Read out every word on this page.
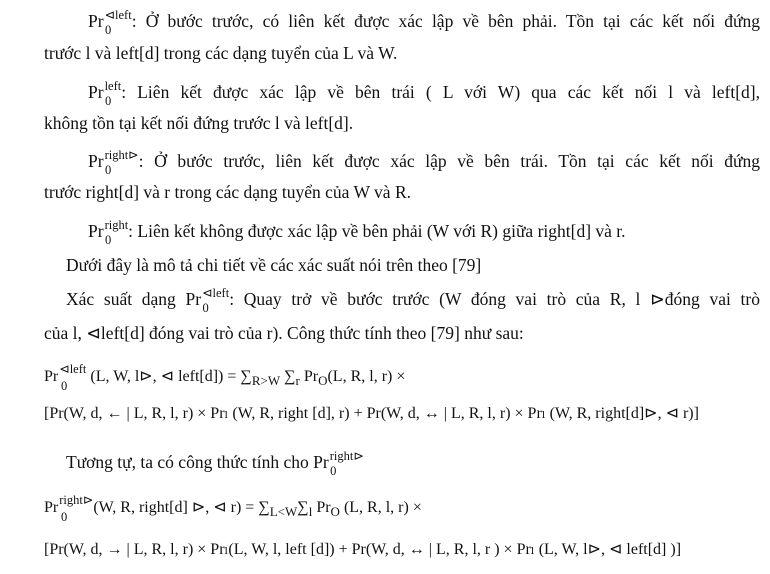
$Pr^{⊲left}$
0 : Ở bước trước, có liên kết được xác lập về bên phải. Tồn tại các kết nối đứng
trước l và left[d] trong các dạng tuyển của L và W.
$Pr^{left}$
0 : Liên kết được xác lập về bên trái ( L với W) qua các kết nối l và left[d],
không tồn tại kết nối đứng trước l và left[d].
$Pr^{right⊳}$
0 : Ở bước trước, liên kết được xác lập về bên trái. Tồn tại các kết nối đứng
trước right[d] và r trong các dạng tuyển của W và R.
$Pr^{right}$
0 : Liên kết không được xác lập về bên phải (W với R) giữa right[d] và r.
Dưới đây là mô tả chi tiết về các xác suất nói trên theo [79]
Xác suất dạng $Pr^{⊲left}$
0 : Quay trở về bước trước (W đóng vai trò của R, l ⊳đóng vai trò
của l, ⊲left[d] đóng vai trò của r). Công thức tính theo [79] như sau:
$Pr^{⊲left}$
0
(L, W, l⊳, ⊲ left[d]) = $\sum_{R>W}$ $\sum_r$ $Pr_O(L$, R, l, r) ×
[Pr(W, d, ← | L, R, l, r) × Prₗ (W, R, right [d], r) + Pr(W, d, ↔ | L, R, l, r) × Prₗ (W, R, right[d]⊳, ⊲ r)]
Tương tự, ta có công thức tính cho $Pr^{right⊳}$
0
$Pr^{right⊳}$
0
(W, R, right[d] ⊳, ⊲ $r) = \sum_{L<W}\sum_l$ $Pr_O$ (L, R, l, r) ×
[Pr(W, d, → | L, R, l, r) × Prₗ(L, W, l, left [d]) + Pr(W, d, ↔ | L, R, l, r ) × Prₗ (L, W, l⊳, ⊲ left[d] )]
